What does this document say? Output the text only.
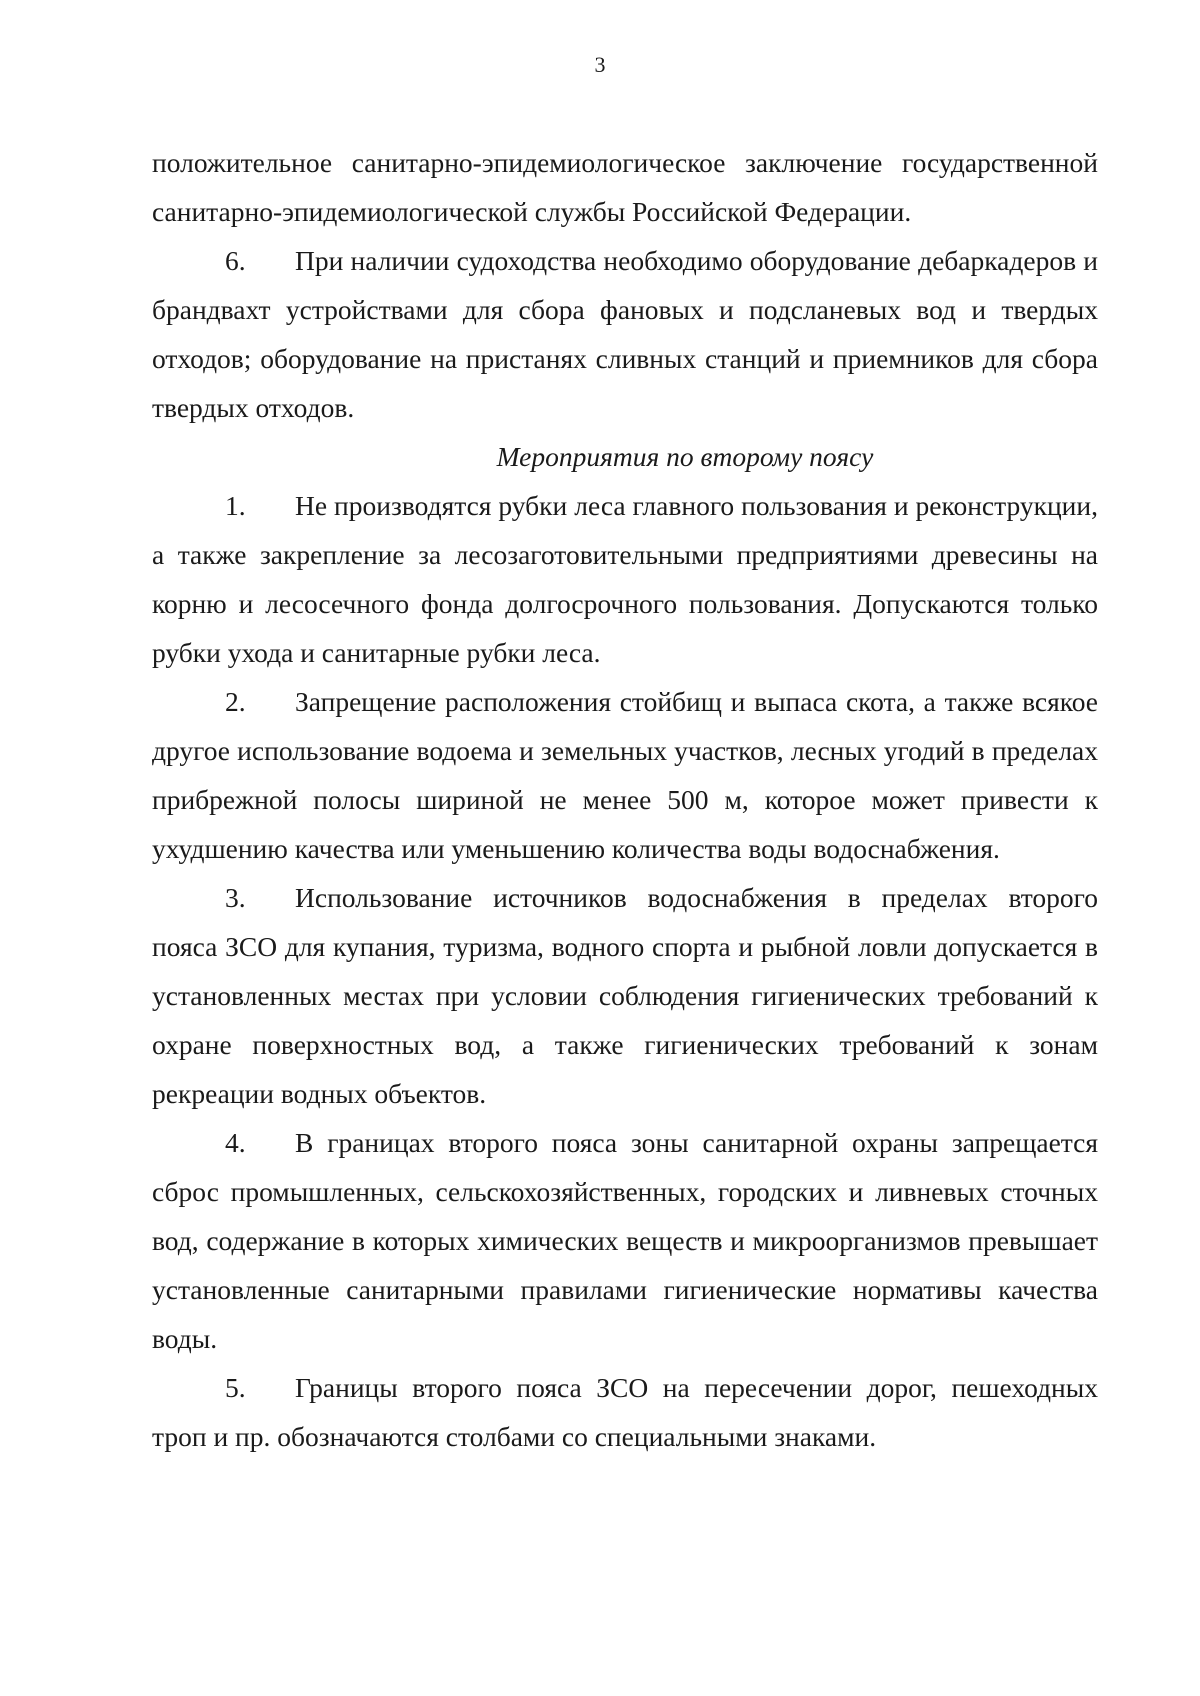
3

положительное санитарно-эпидемиологическое заключение государственной санитарно-эпидемиологической службы Российской Федерации.

6. При наличии судоходства необходимо оборудование дебаркадеров и брандвахт устройствами для сбора фановых и подсланевых вод и твердых отходов; оборудование на пристанях сливных станций и приемников для сбора твердых отходов.

Мероприятия по второму поясу

1. Не производятся рубки леса главного пользования и реконструкции, а также закрепление за лесозаготовительными предприятиями древесины на корню и лесосечного фонда долгосрочного пользования. Допускаются только рубки ухода и санитарные рубки леса.

2. Запрещение расположения стойбищ и выпаса скота, а также всякое другое использование водоема и земельных участков, лесных угодий в пределах прибрежной полосы шириной не менее 500 м, которое может привести к ухудшению качества или уменьшению количества воды водоснабжения.

3. Использование источников водоснабжения в пределах второго пояса ЗСО для купания, туризма, водного спорта и рыбной ловли допускается в установленных местах при условии соблюдения гигиенических требований к охране поверхностных вод, а также гигиенических требований к зонам рекреации водных объектов.

4. В границах второго пояса зоны санитарной охраны запрещается сброс промышленных, сельскохозяйственных, городских и ливневых сточных вод, содержание в которых химических веществ и микроорганизмов превышает установленные санитарными правилами гигиенические нормативы качества воды.

5. Границы второго пояса ЗСО на пересечении дорог, пешеходных троп и пр. обозначаются столбами со специальными знаками.
